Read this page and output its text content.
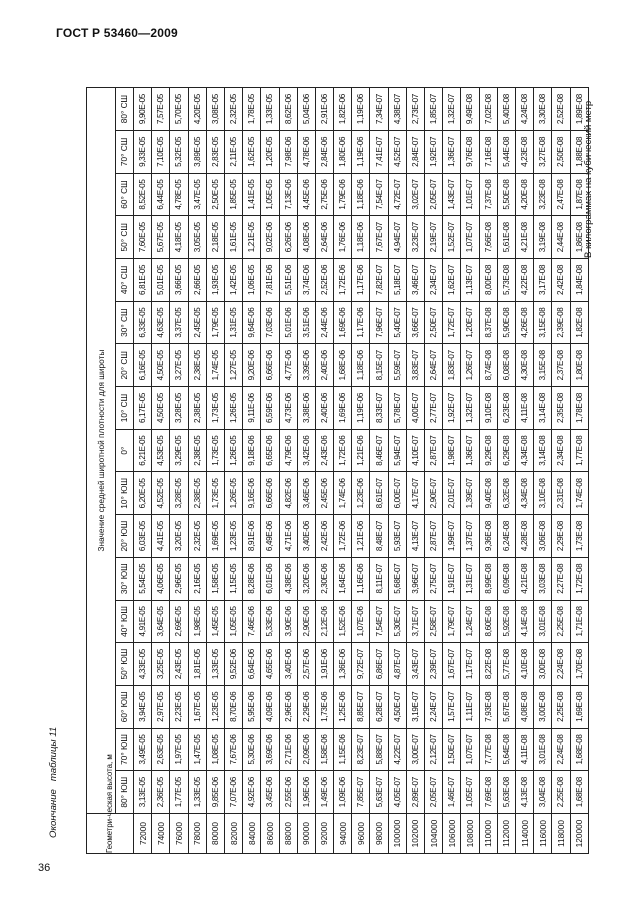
ГОСТ Р 53460—2009
Окончаниетаблицы 11
В килограммах на кубический метр
Геометри-ческая высота, м	Значение средней широтной плотности для широты																
	80° ЮШ	70° ЮШ	60° ЮШ	50° ЮШ	40° ЮШ	30° ЮШ	20° ЮШ	10° ЮШ	0°	10° СШ	20° СШ	30° СШ	40° СШ	50° СШ	60° СШ	70° СШ	80° СШ
72000	3,13E-05	3,49E-05	3,94E-05	4,33E-05	4,91E-05	5,54E-05	6,03E-05	6,20E-05	6,21E-05	6,17E-05	6,16E-05	6,33E-05	6,81E-05	7,60E-05	8,52E-05	9,33E-05	9,90E-05
74000	2,36E-05	2,63E-05	2,97E-05	3,25E-05	3,64E-05	4,06E-05	4,41E-05	4,52E-05	4,53E-05	4,50E-05	4,50E-05	4,63E-05	5,01E-05	5,67E-05	6,44E-05	7,10E-05	7,57E-05
76000	1,77E-05	1,97E-05	2,23E-05	2,43E-05	2,69E-05	2,96E-05	3,20E-05	3,28E-05	3,29E-05	3,28E-05	3,27E-05	3,37E-05	3,66E-05	4,18E-05	4,78E-05	5,32E-05	5,70E-05
78000	1,33E-05	1,47E-05	1,67E-05	1,81E-05	1,98E-05	2,16E-05	2,32E-05	2,38E-05	2,38E-05	2,38E-05	2,38E-05	2,45E-05	2,66E-05	3,05E-05	3,47E-05	3,89E-05	4,20E-05
80000	9,85E-06	1,08E-05	1,23E-05	1,33E-05	1,45E-05	1,58E-05	1,69E-05	1,73E-05	1,73E-05	1,73E-05	1,74E-05	1,79E-05	1,93E-05	2,18E-05	2,50E-05	2,83E-05	3,08E-05
82000	7,07E-06	7,67E-06	8,70E-06	9,52E-06	1,05E-05	1,15E-05	1,23E-05	1,26E-05	1,26E-05	1,26E-05	1,27E-05	1,31E-05	1,42E-05	1,61E-05	1,85E-05	2,11E-05	2,32E-05
84000	4,92E-06	5,30E-06	5,95E-06	6,64E-06	7,46E-06	8,28E-06	8,91E-06	9,16E-06	9,18E-06	9,11E-06	9,20E-06	9,64E-06	1,06E-05	1,21E-05	1,41E-05	1,62E-05	1,78E-05
86000	3,45E-06	3,69E-06	4,09E-06	4,65E-06	5,33E-06	6,01E-06	6,49E-06	6,66E-06	6,65E-06	6,59E-06	6,66E-06	7,03E-06	7,81E-06	9,02E-06	1,05E-05	1,20E-05	1,33E-05
88000	2,55E-06	2,71E-06	2,96E-06	3,40E-06	3,90E-06	4,38E-06	4,71E-06	4,82E-06	4,79E-06	4,73E-06	4,77E-06	5,01E-06	5,51E-06	6,26E-06	7,13E-06	7,98E-06	8,62E-06
90000	1,96E-06	2,09E-06	2,29E-06	2,57E-06	2,90E-06	3,20E-06	3,40E-06	3,46E-06	3,42E-06	3,38E-06	3,39E-06	3,51E-06	3,74E-06	4,08E-06	4,45E-06	4,78E-06	5,04E-06
92000	1,49E-06	1,58E-06	1,73E-06	1,91E-06	2,12E-06	2,30E-06	2,42E-06	2,45E-06	2,43E-06	2,40E-06	2,40E-06	2,44E-06	2,52E-06	2,64E-06	2,75E-06	2,84E-06	2,91E-06
94000	1,09E-06	1,15E-06	1,25E-06	1,36E-06	1,52E-06	1,64E-06	1,72E-06	1,74E-06	1,72E-06	1,69E-06	1,68E-06	1,69E-06	1,72E-06	1,76E-06	1,79E-06	1,80E-06	1,82E-06
96000	7,85E-07	8,23E-07	8,85E-07	9,72E-07	1,07E-06	1,16E-06	1,21E-06	1,23E-06	1,21E-06	1,19E-06	1,18E-06	1,17E-06	1,17E-06	1,18E-06	1,18E-06	1,19E-06	1,19E-06
98000	5,63E-07	5,88E-07	6,28E-07	6,86E-07	7,54E-07	8,11E-07	8,48E-07	8,61E-07	8,46E-07	8,33E-07	8,15E-07	7,96E-07	7,82E-07	7,67E-07	7,54E-07	7,41E-07	7,34E-07
100000	4,05E-07	4,22E-07	4,50E-07	4,87E-07	5,30E-07	5,68E-07	5,93E-07	6,00E-07	5,94E-07	5,78E-07	5,59E-07	5,40E-07	5,18E-07	4,94E-07	4,72E-07	4,52E-07	4,38E-07
102000	2,89E-07	3,00E-07	3,19E-07	3,43E-07	3,71E-07	3,96E-07	4,13E-07	4,17E-07	4,10E-07	4,00E-07	3,83E-07	3,66E-07	3,46E-07	3,23E-07	3,02E-07	2,84E-07	2,73E-07
104000	2,05E-07	2,12E-07	2,24E-07	2,39E-07	2,58E-07	2,75E-07	2,87E-07	2,90E-07	2,87E-07	2,77E-07	2,64E-07	2,50E-07	2,34E-07	2,19E-07	2,05E-07	1,92E-07	1,85E-07
106000	1,46E-07	1,50E-07	1,57E-07	1,67E-07	1,79E-07	1,91E-07	1,99E-07	2,01E-07	1,98E-07	1,92E-07	1,83E-07	1,72E-07	1,62E-07	1,52E-07	1,43E-07	1,36E-07	1,32E-07
108000	1,05E-07	1,07E-07	1,11E-07	1,17E-07	1,24E-07	1,31E-07	1,37E-07	1,39E-07	1,36E-07	1,32E-07	1,26E-07	1,20E-07	1,13E-07	1,07E-07	1,01E-07	9,76E-08	9,49E-08
110000	7,69E-08	7,77E-08	7,93E-08	8,22E-08	8,60E-08	8,99E-08	9,36E-08	9,40E-08	9,29E-08	9,10E-08	8,74E-08	8,37E-08	8,00E-08	7,66E-08	7,37E-08	7,16E-08	7,02E-08
112000	5,63E-08	5,64E-08	5,67E-08	5,77E-08	5,92E-08	6,09E-08	6,24E-08	6,32E-08	6,29E-08	6,23E-08	6,08E-08	5,90E-08	5,73E-08	5,61E-08	5,50E-08	5,44E-08	5,40E-08
114000	4,13E-08	4,11E-08	4,08E-08	4,10E-08	4,14E-08	4,21E-08	4,28E-08	4,34E-08	4,34E-08	4,11E-08	4,30E-08	4,26E-08	4,22E-08	4,21E-08	4,20E-08	4,23E-08	4,24E-08
116000	3,04E-08	3,01E-08	3,00E-08	3,00E-08	3,01E-08	3,03E-08	3,06E-08	3,10E-08	3,14E-08	3,14E-08	3,15E-08	3,15E-08	3,17E-08	3,19E-08	3,23E-08	3,27E-08	3,30E-08
118000	2,25E-08	2,24E-08	2,25E-08	2,24E-08	2,25E-08	2,27E-08	2,29E-08	2,31E-08	2,34E-08	2,35E-08	2,37E-08	2,39E-08	2,42E-08	2,44E-08	2,47E-08	2,50E-08	2,52E-08
120000	1,68E-08	1,68E-08	1,69E-08	1,70E-08	1,71E-08	1,72E-08	1,73E-08	1,74E-08	1,77E-08	1,78E-08	1,80E-08	1,82E-08	1,84E-08	1,86E-08	1,87E-08	1,88E-08	1,89E-08
36
